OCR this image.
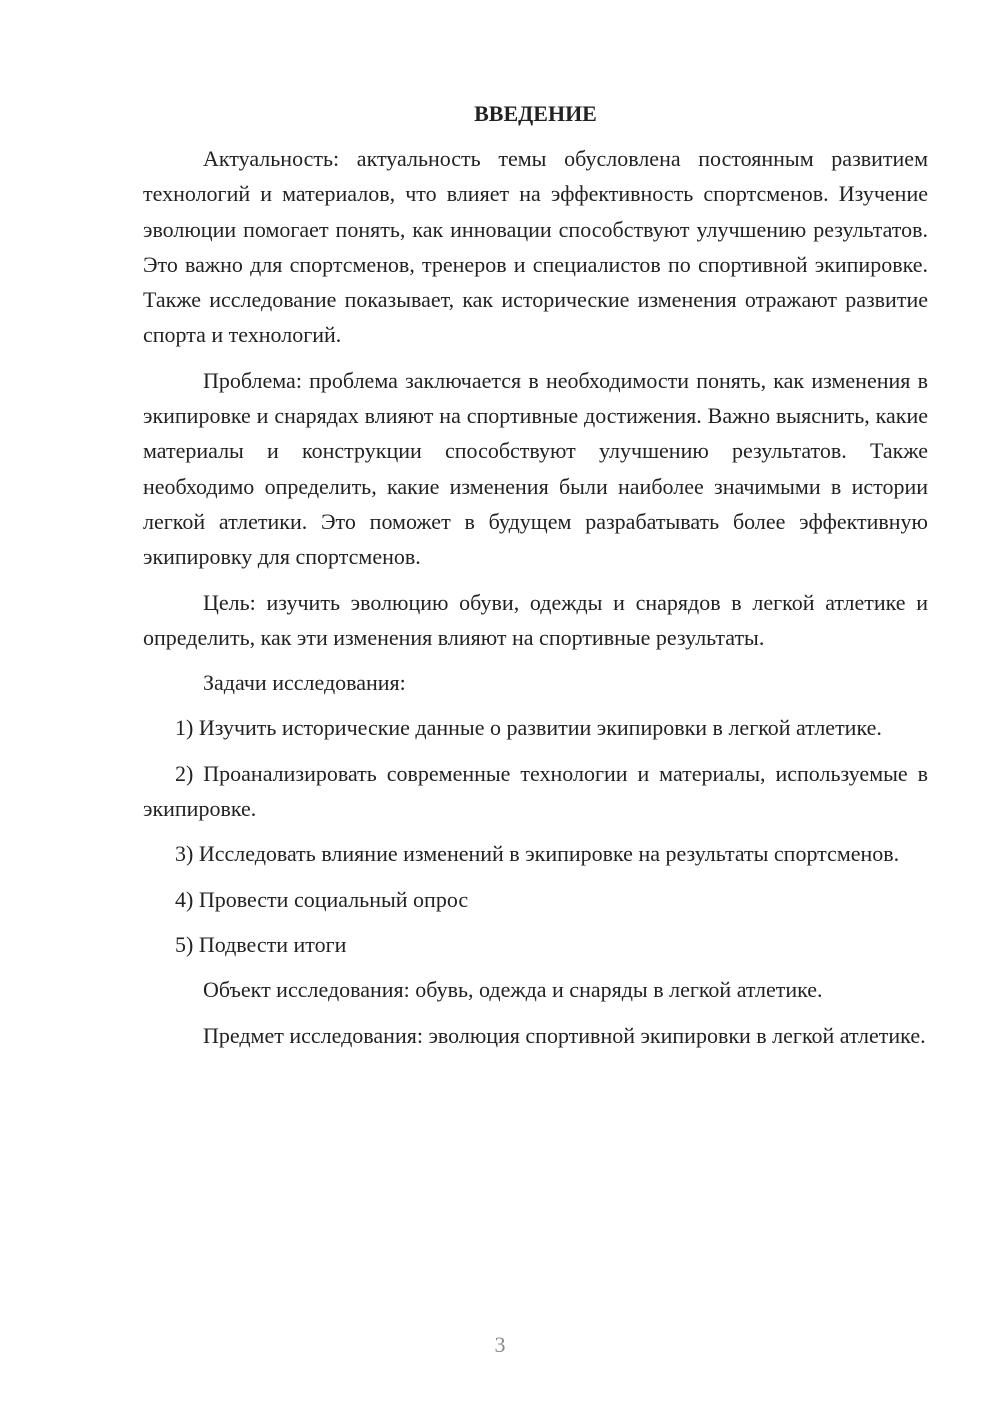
ВВЕДЕНИЕ

Актуальность: актуальность темы обусловлена постоянным развитием технологий и материалов, что влияет на эффективность спортсменов. Изучение эволюции помогает понять, как инновации способствуют улучшению результатов. Это важно для спортсменов, тренеров и специалистов по спортивной экипировке. Также исследование показывает, как исторические изменения отражают развитие спорта и технологий.

Проблема: проблема заключается в необходимости понять, как изменения в экипировке и снарядах влияют на спортивные достижения. Важно выяснить, какие материалы и конструкции способствуют улучшению результатов. Также необходимо определить, какие изменения были наиболее значимыми в истории легкой атлетики. Это поможет в будущем разрабатывать более эффективную экипировку для спортсменов.

Цель: изучить эволюцию обуви, одежды и снарядов в легкой атлетике и определить, как эти изменения влияют на спортивные результаты.

Задачи исследования:

1) Изучить исторические данные о развитии экипировки в легкой атлетике.

2) Проанализировать современные технологии и материалы, используемые в экипировке.

3) Исследовать влияние изменений в экипировке на результаты спортсменов.

4) Провести социальный опрос

5) Подвести итоги

Объект исследования: обувь, одежда и снаряды в легкой атлетике.

Предмет исследования: эволюция спортивной экипировки в легкой атлетике.

3
